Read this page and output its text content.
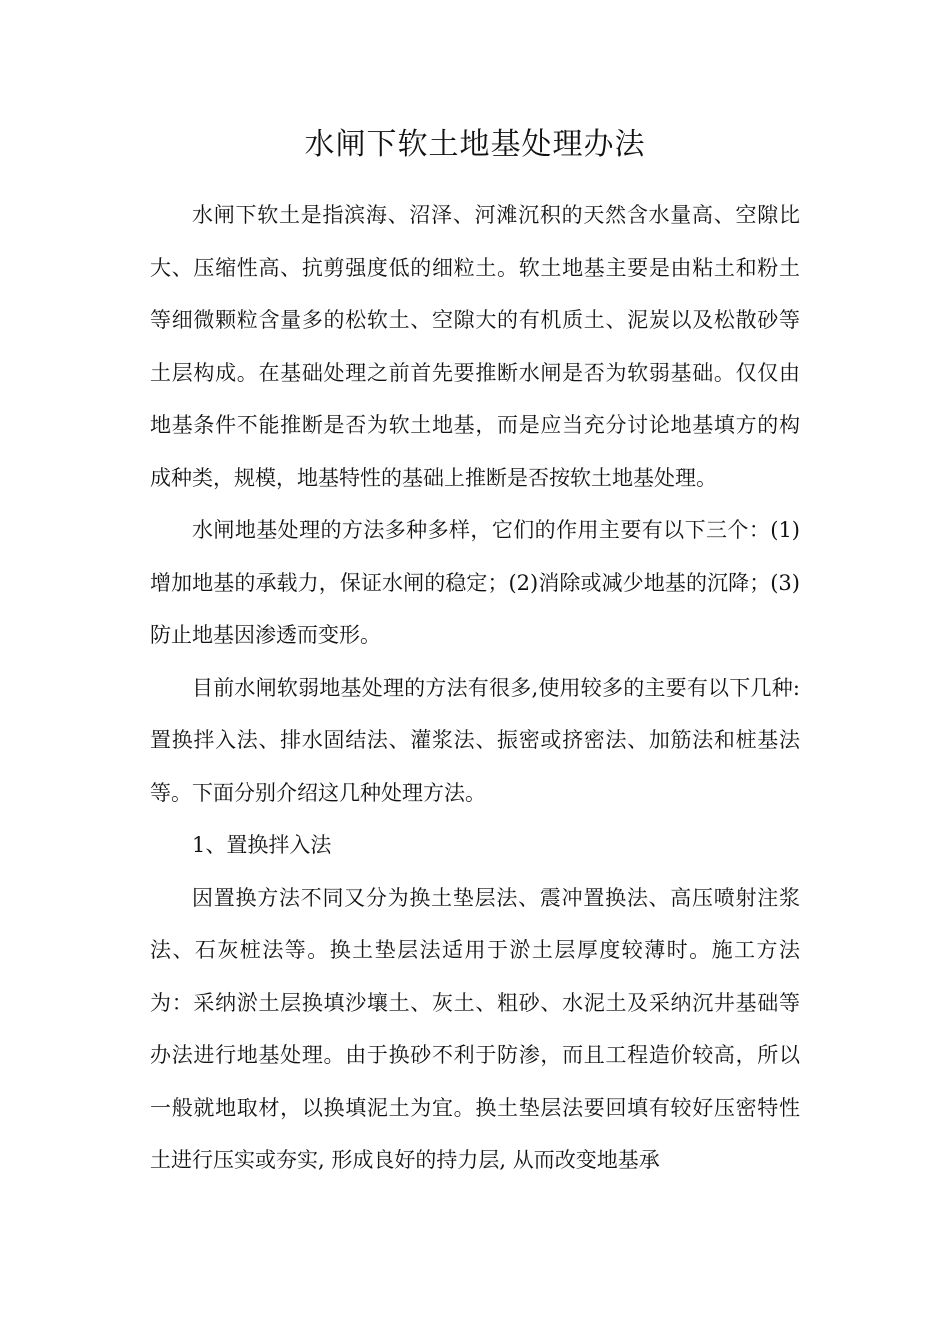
水闸下软土地基处理办法

水闸下软土是指滨海、沼泽、河滩沉积的天然含水量高、空隙比大、压缩性高、抗剪强度低的细粒土。软土地基主要是由粘土和粉土等细微颗粒含量多的松软土、空隙大的有机质土、泥炭以及松散砂等土层构成。在基础处理之前首先要推断水闸是否为软弱基础。仅仅由地基条件不能推断是否为软土地基，而是应当充分讨论地基填方的构成种类，规模，地基特性的基础上推断是否按软土地基处理。

水闸地基处理的方法多种多样，它们的作用主要有以下三个：(1)增加地基的承载力，保证水闸的稳定；(2)消除或减少地基的沉降；(3)防止地基因渗透而变形。

目前水闸软弱地基处理的方法有很多,使用较多的主要有以下几种:置换拌入法、排水固结法、灌浆法、振密或挤密法、加筋法和桩基法等。下面分别介绍这几种处理方法。

1、置换拌入法

因置换方法不同又分为换土垫层法、震冲置换法、高压喷射注浆法、石灰桩法等。换土垫层法适用于淤土层厚度较薄时。施工方法为：采纳淤土层换填沙壤土、灰土、粗砂、水泥土及采纳沉井基础等办法进行地基处理。由于换砂不利于防渗，而且工程造价较高，所以一般就地取材，以换填泥土为宜。换土垫层法要回填有较好压密特性土进行压实或夯实, 形成良好的持力层, 从而改变地基承
